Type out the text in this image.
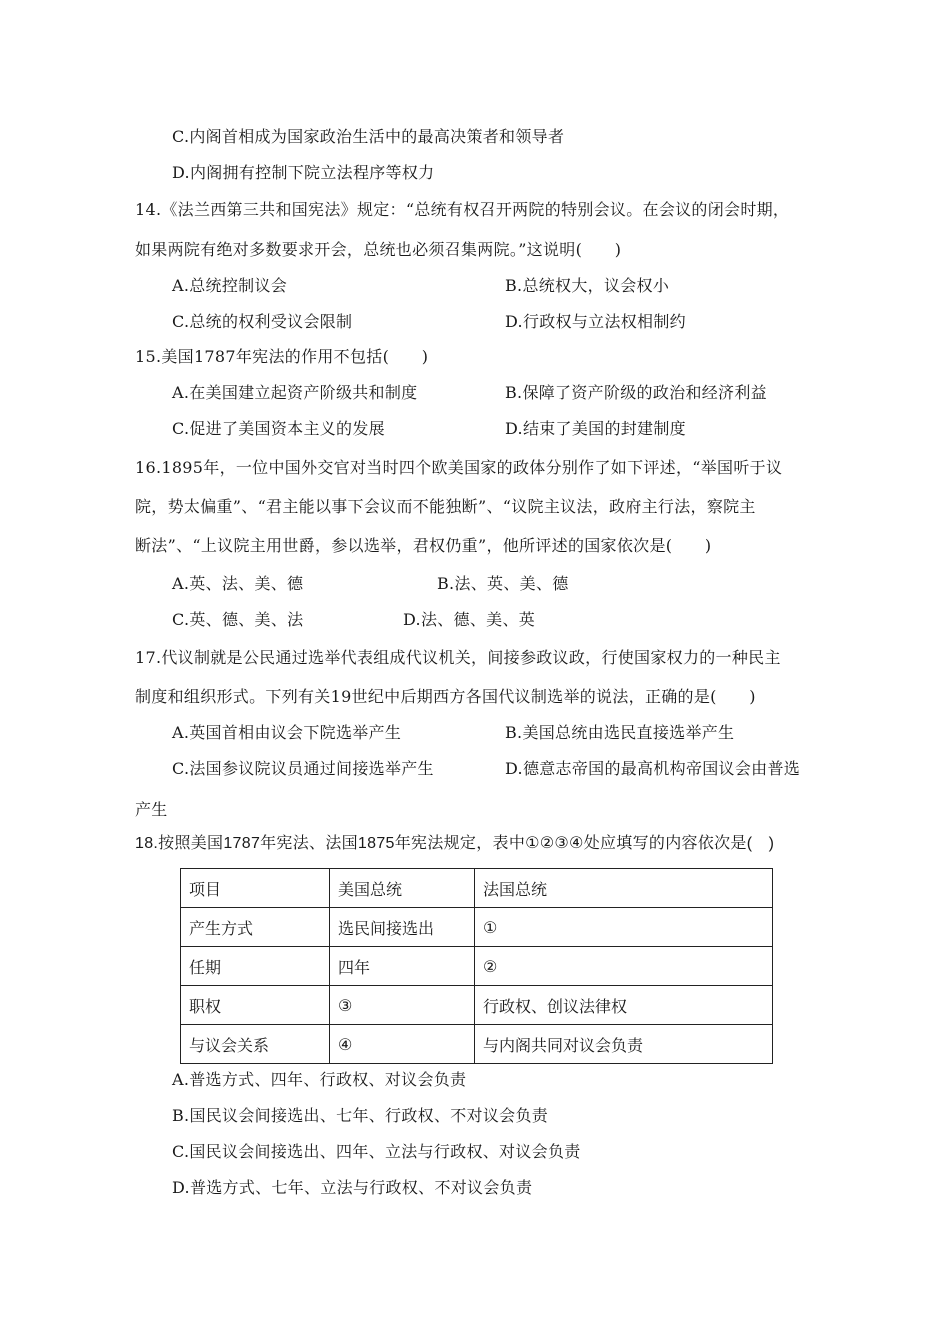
C.内阁首相成为国家政治生活中的最高决策者和领导者
D.内阁拥有控制下院立法程序等权力
14.《法兰西第三共和国宪法》规定：“总统有权召开两院的特别会议。在会议的闭会时期，
如果两院有绝对多数要求开会，总统也必须召集两院。”这说明(　　)
A.总统控制议会	B.总统权大，议会权小
C.总统的权利受议会限制	D.行政权与立法权相制约
15.美国1787年宪法的作用不包括(　　)
A.在美国建立起资产阶级共和制度	B.保障了资产阶级的政治和经济利益
C.促进了美国资本主义的发展	D.结束了美国的封建制度
16.1895年，一位中国外交官对当时四个欧美国家的政体分别作了如下评述，“举国听于议
院，势太偏重”、“君主能以事下会议而不能独断”、“议院主议法，政府主行法，察院主
断法”、“上议院主用世爵，参以选举，君权仍重”，他所评述的国家依次是(　　)
A.英、法、美、德	B.法、英、美、德
C.英、德、美、法	D.法、德、美、英
17.代议制就是公民通过选举代表组成代议机关，间接参政议政，行使国家权力的一种民主
制度和组织形式。下列有关19世纪中后期西方各国代议制选举的说法，正确的是(　　)
A.英国首相由议会下院选举产生	B.美国总统由选民直接选举产生
C.法国参议院议员通过间接选举产生	D.德意志帝国的最高机构帝国议会由普选
产生
18.按照美国1787年宪法、法国1875年宪法规定，表中①②③④处应填写的内容依次是(　)
项目	美国总统	法国总统
产生方式	选民间接选出	①
任期	四年	②
职权	③	行政权、创议法律权
与议会关系	④	与内阁共同对议会负责
A.普选方式、四年、行政权、对议会负责
B.国民议会间接选出、七年、行政权、不对议会负责
C.国民议会间接选出、四年、立法与行政权、对议会负责
D.普选方式、七年、立法与行政权、不对议会负责
